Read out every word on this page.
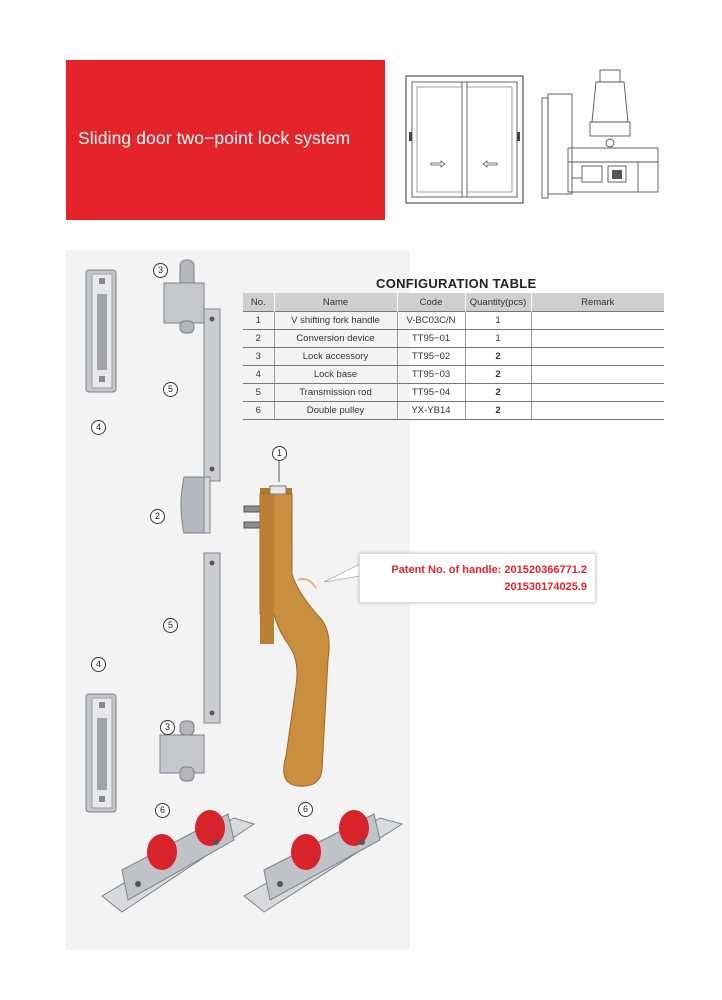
Sliding door two−point lock system
4
4
3
5
2
5
3
6	6
CONFIGURATION TABLE
No.	Name	Code	Quantity(pcs)	Remark
1	V shifting fork handle	V-BC03C/N	1	
2	Conversion device	TT95−01	1	
3	Lock accessory	TT95−02	2	
4	Lock base	TT95−03	2	
5	Transmission rod	TT95−04	2	
6	Double pulley	YX-YB14	2	
1
Patent No. of handle: 201520366771.2
201530174025.9
